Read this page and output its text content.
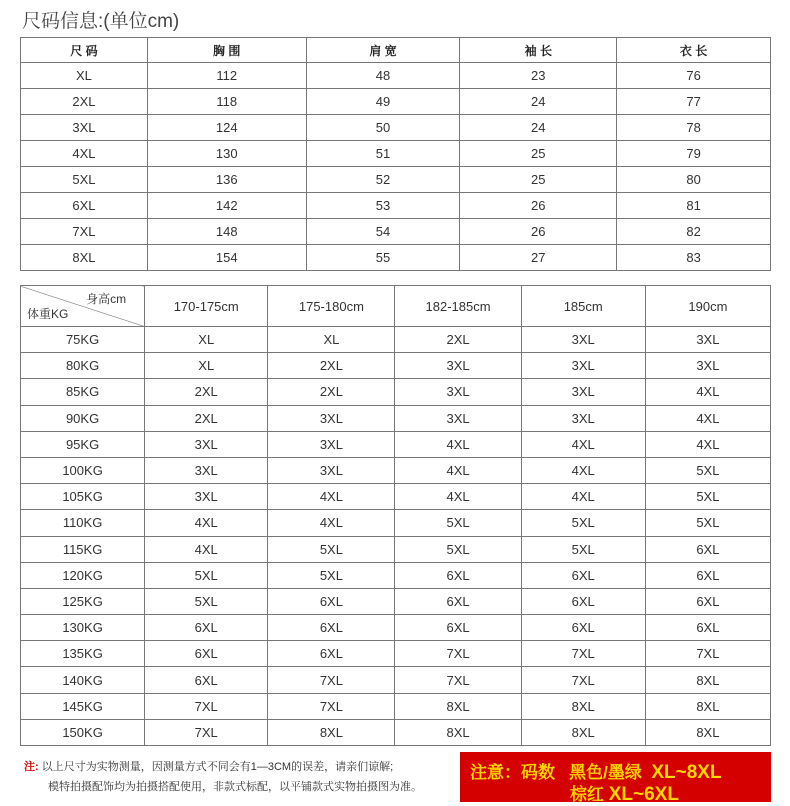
尺码信息:(单位cm)
尺 码	胸 围	肩 宽	袖 长	衣 长
XL	112	48	23	76
2XL	118	49	24	77
3XL	124	50	24	78
4XL	130	51	25	79
5XL	136	52	25	80
6XL	142	53	26	81
7XL	148	54	26	82
8XL	154	55	27	83
身高cm
体重KG	170-175cm	175-180cm	182-185cm	185cm	190cm
75KG	XL	XL	2XL	3XL	3XL
80KG	XL	2XL	3XL	3XL	3XL
85KG	2XL	2XL	3XL	3XL	4XL
90KG	2XL	3XL	3XL	3XL	4XL
95KG	3XL	3XL	4XL	4XL	4XL
100KG	3XL	3XL	4XL	4XL	5XL
105KG	3XL	4XL	4XL	4XL	5XL
110KG	4XL	4XL	5XL	5XL	5XL
115KG	4XL	5XL	5XL	5XL	6XL
120KG	5XL	5XL	6XL	6XL	6XL
125KG	5XL	6XL	6XL	6XL	6XL
130KG	6XL	6XL	6XL	6XL	6XL
135KG	6XL	6XL	7XL	7XL	7XL
140KG	6XL	7XL	7XL	7XL	8XL
145KG	7XL	7XL	8XL	8XL	8XL
150KG	7XL	8XL	8XL	8XL	8XL
注: 以上尺寸为实物测量，因测量方式不同会有1—3CM的误差，请亲们谅解;
模特拍摄配饰均为拍摄搭配使用，非款式标配，以平铺款式实物拍摄图为准。
注意：码数 黑色/墨绿 XL~8XL
棕红 XL~6XL
